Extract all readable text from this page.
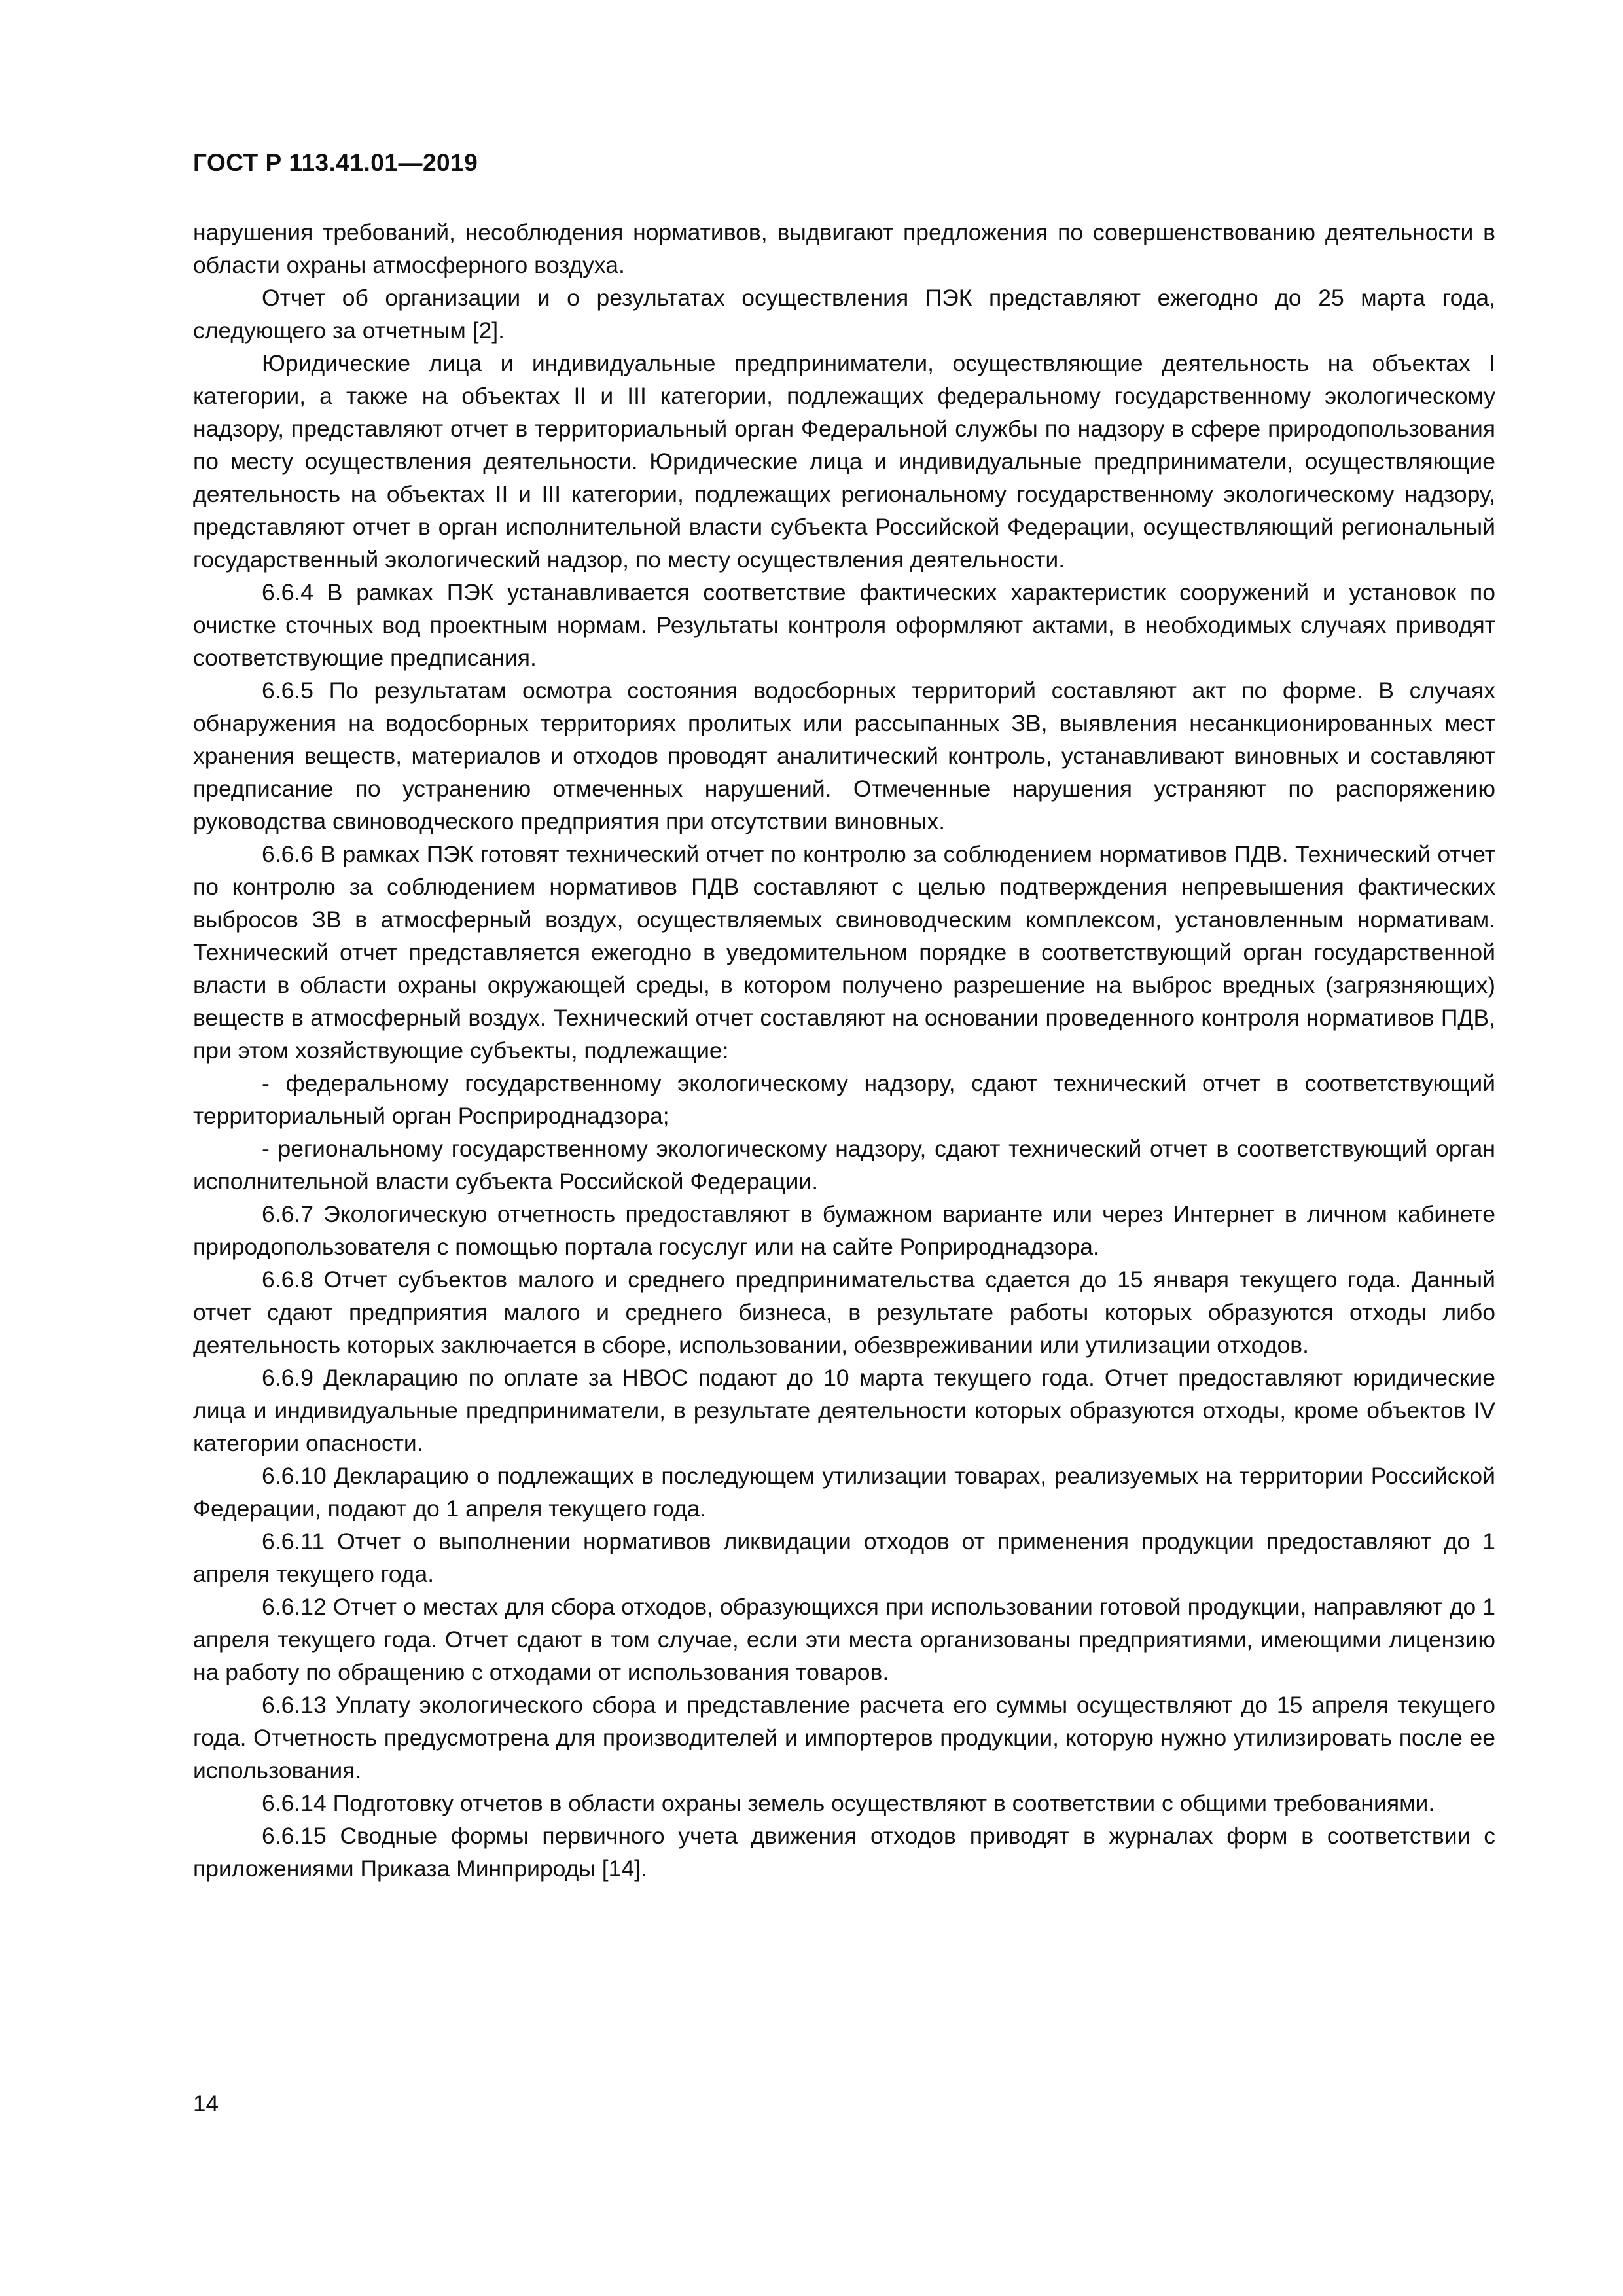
ГОСТ Р 113.41.01—2019

нарушения требований, несоблюдения нормативов, выдвигают предложения по совершенствованию деятельности в области охраны атмосферного воздуха.

Отчет об организации и о результатах осуществления ПЭК представляют ежегодно до 25 марта года, следующего за отчетным [2].

Юридические лица и индивидуальные предприниматели, осуществляющие деятельность на объектах I категории, а также на объектах II и III категории, подлежащих федеральному государственному экологическому надзору, представляют отчет в территориальный орган Федеральной службы по надзору в сфере природопользования по месту осуществления деятельности. Юридические лица и индивидуальные предприниматели, осуществляющие деятельность на объектах II и III категории, подлежащих региональному государственному экологическому надзору, представляют отчет в орган исполнительной власти субъекта Российской Федерации, осуществляющий региональный государственный экологический надзор, по месту осуществления деятельности.

6.6.4 В рамках ПЭК устанавливается соответствие фактических характеристик сооружений и установок по очистке сточных вод проектным нормам. Результаты контроля оформляют актами, в необходимых случаях приводят соответствующие предписания.

6.6.5 По результатам осмотра состояния водосборных территорий составляют акт по форме. В случаях обнаружения на водосборных территориях пролитых или рассыпанных ЗВ, выявления несанкционированных мест хранения веществ, материалов и отходов проводят аналитический контроль, устанавливают виновных и составляют предписание по устранению отмеченных нарушений. Отмеченные нарушения устраняют по распоряжению руководства свиноводческого предприятия при отсутствии виновных.

6.6.6 В рамках ПЭК готовят технический отчет по контролю за соблюдением нормативов ПДВ. Технический отчет по контролю за соблюдением нормативов ПДВ составляют с целью подтверждения непревышения фактических выбросов ЗВ в атмосферный воздух, осуществляемых свиноводческим комплексом, установленным нормативам. Технический отчет представляется ежегодно в уведомительном порядке в соответствующий орган государственной власти в области охраны окружающей среды, в котором получено разрешение на выброс вредных (загрязняющих) веществ в атмосферный воздух. Технический отчет составляют на основании проведенного контроля нормативов ПДВ, при этом хозяйствующие субъекты, подлежащие:

- федеральному государственному экологическому надзору, сдают технический отчет в соответствующий территориальный орган Росприроднадзора;

- региональному государственному экологическому надзору, сдают технический отчет в соответствующий орган исполнительной власти субъекта Российской Федерации.

6.6.7 Экологическую отчетность предоставляют в бумажном варианте или через Интернет в личном кабинете природопользователя с помощью портала госуслуг или на сайте Роприроднадзора.

6.6.8 Отчет субъектов малого и среднего предпринимательства сдается до 15 января текущего года. Данный отчет сдают предприятия малого и среднего бизнеса, в результате работы которых образуются отходы либо деятельность которых заключается в сборе, использовании, обезвреживании или утилизации отходов.

6.6.9 Декларацию по оплате за НВОС подают до 10 марта текущего года. Отчет предоставляют юридические лица и индивидуальные предприниматели, в результате деятельности которых образуются отходы, кроме объектов IV категории опасности.

6.6.10 Декларацию о подлежащих в последующем утилизации товарах, реализуемых на территории Российской Федерации, подают до 1 апреля текущего года.

6.6.11 Отчет о выполнении нормативов ликвидации отходов от применения продукции предоставляют до 1 апреля текущего года.

6.6.12 Отчет о местах для сбора отходов, образующихся при использовании готовой продукции, направляют до 1 апреля текущего года. Отчет сдают в том случае, если эти места организованы предприятиями, имеющими лицензию на работу по обращению с отходами от использования товаров.

6.6.13 Уплату экологического сбора и представление расчета его суммы осуществляют до 15 апреля текущего года. Отчетность предусмотрена для производителей и импортеров продукции, которую нужно утилизировать после ее использования.

6.6.14 Подготовку отчетов в области охраны земель осуществляют в соответствии с общими требованиями.

6.6.15 Сводные формы первичного учета движения отходов приводят в журналах форм в соответствии с приложениями Приказа Минприроды [14].

14
